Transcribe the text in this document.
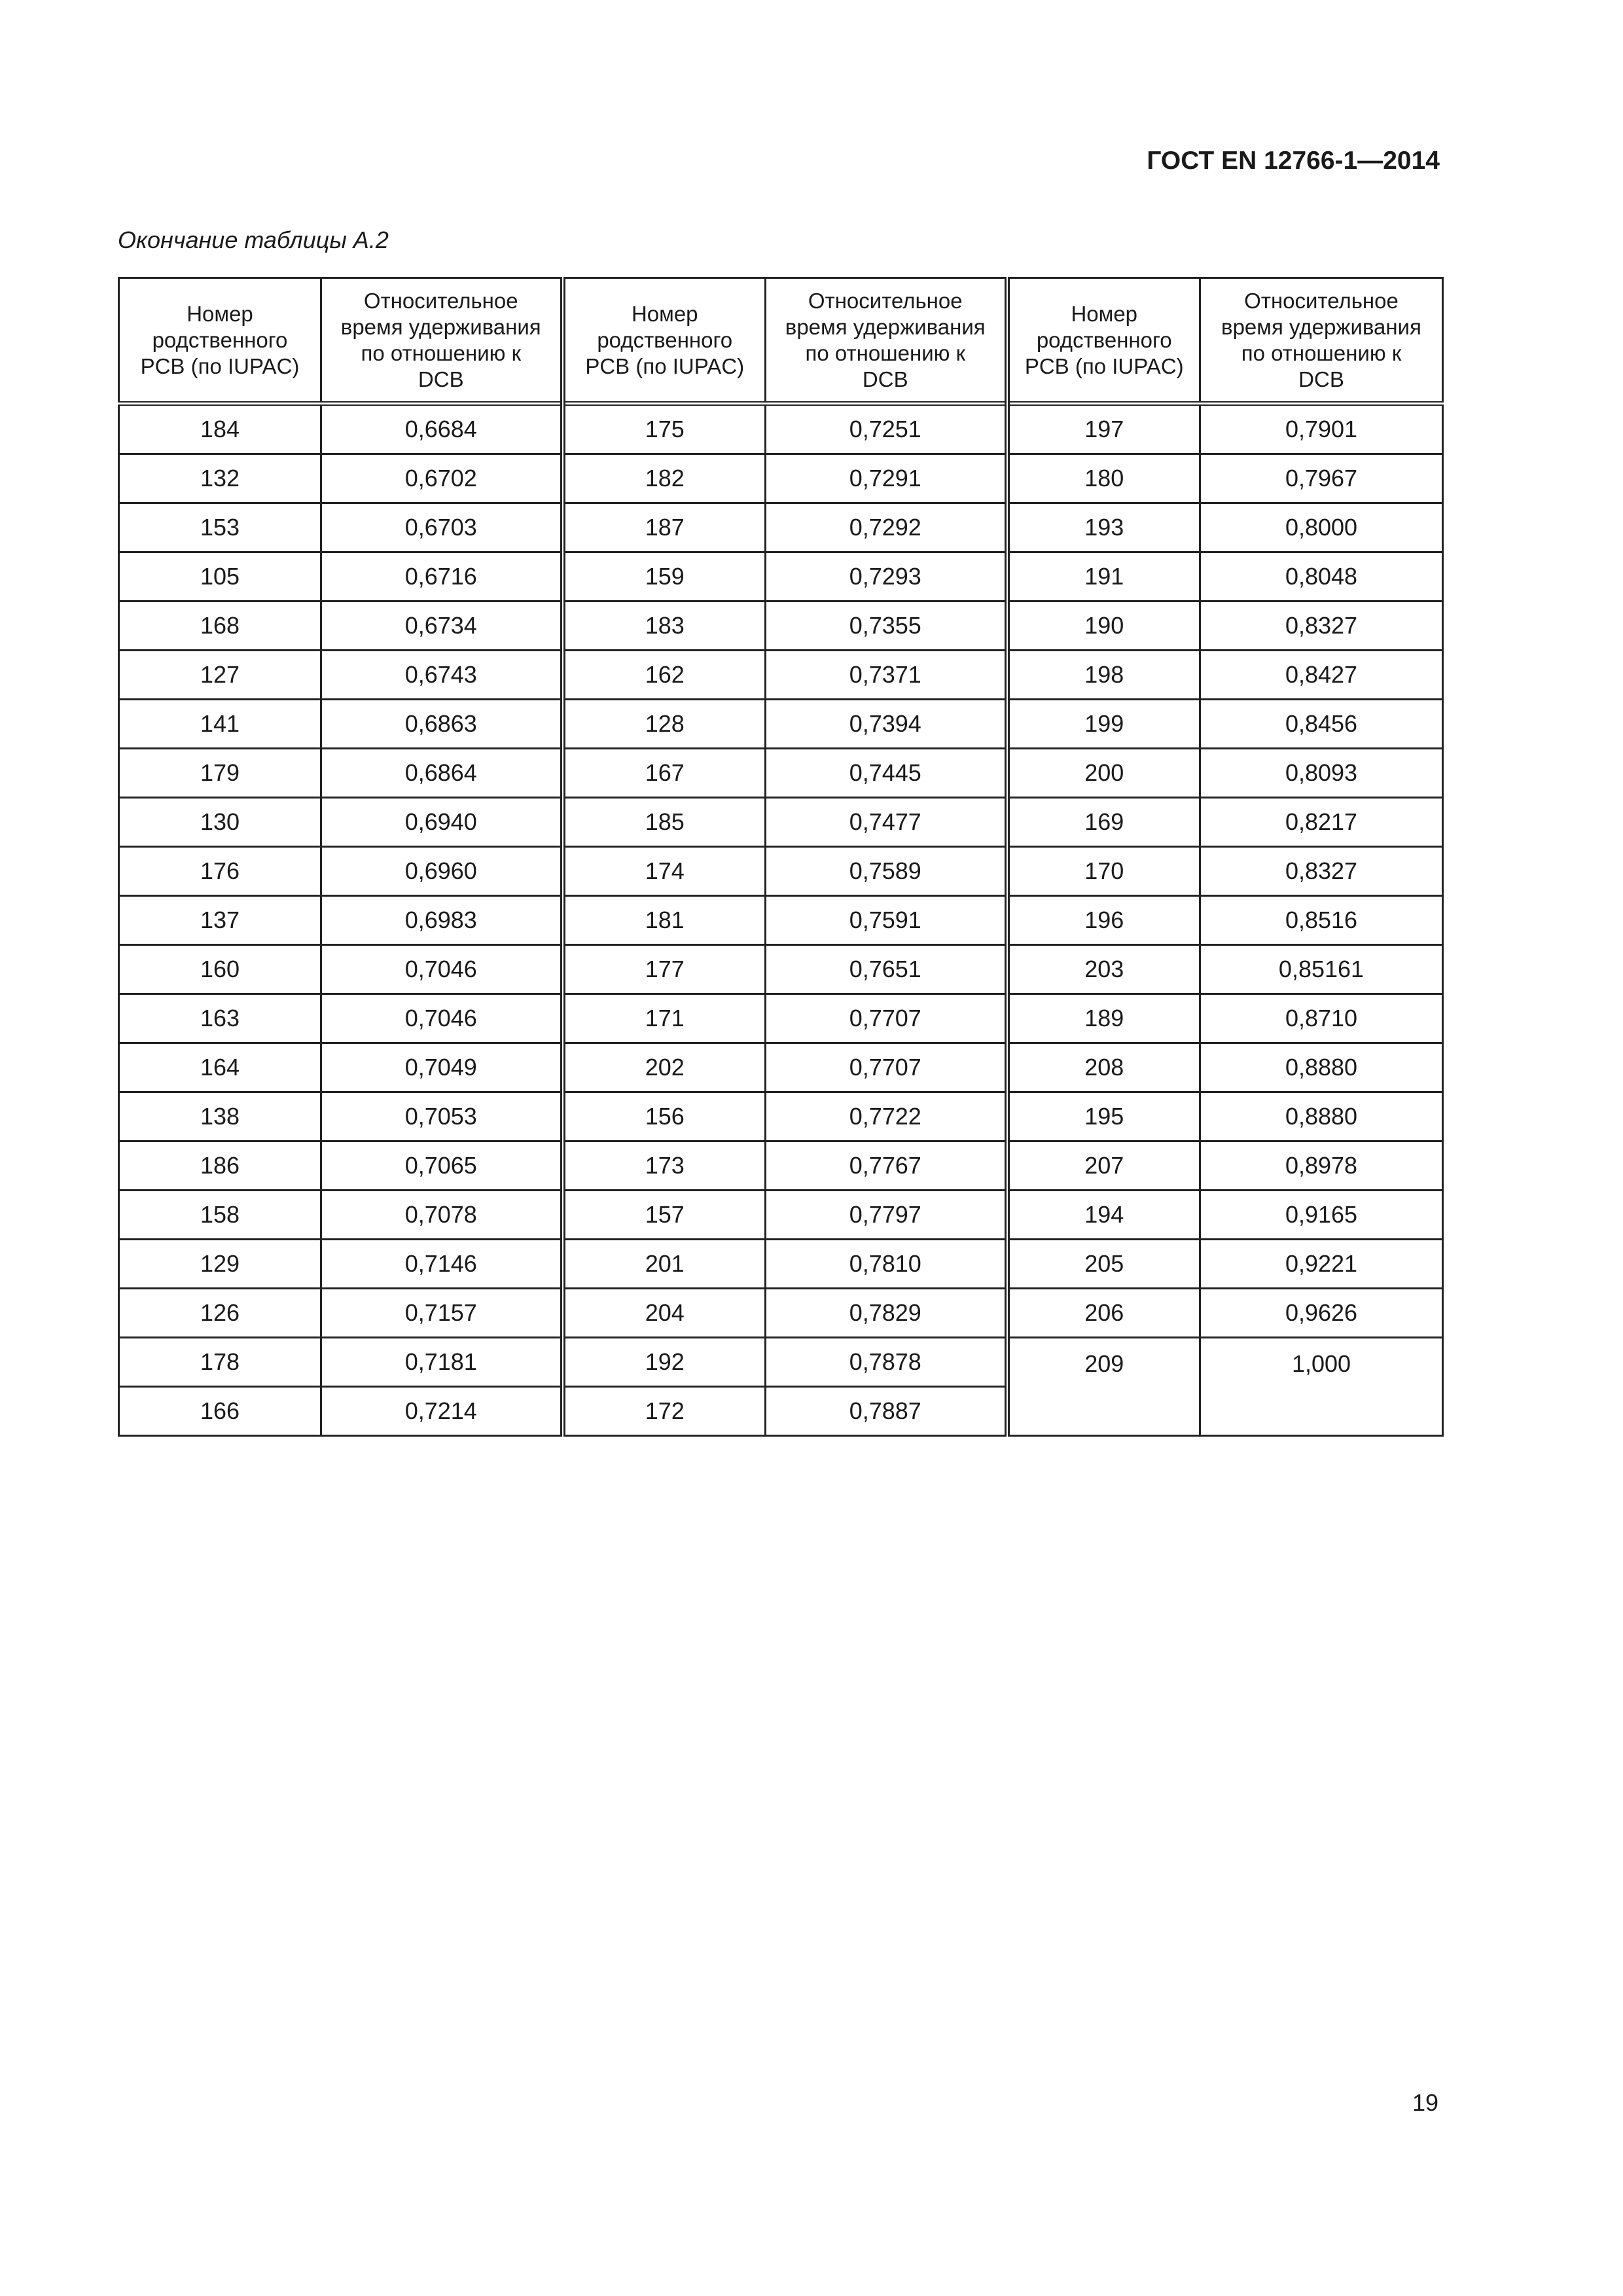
ГОСТ EN 12766-1—2014
Окончание таблицы А.2
Номер
родственного
PCB (по IUPAC)	Относительное
время удерживания
по отношению к
DCB	Номер
родственного
PCB (по IUPAC)	Относительное
время удерживания
по отношению к
DCB	Номер
родственного
PCB (по IUPAC)	Относительное
время удерживания
по отношению к
DCB
184	0,6684	175	0,7251	197	0,7901
132	0,6702	182	0,7291	180	0,7967
153	0,6703	187	0,7292	193	0,8000
105	0,6716	159	0,7293	191	0,8048
168	0,6734	183	0,7355	190	0,8327
127	0,6743	162	0,7371	198	0,8427
141	0,6863	128	0,7394	199	0,8456
179	0,6864	167	0,7445	200	0,8093
130	0,6940	185	0,7477	169	0,8217
176	0,6960	174	0,7589	170	0,8327
137	0,6983	181	0,7591	196	0,8516
160	0,7046	177	0,7651	203	0,85161
163	0,7046	171	0,7707	189	0,8710
164	0,7049	202	0,7707	208	0,8880
138	0,7053	156	0,7722	195	0,8880
186	0,7065	173	0,7767	207	0,8978
158	0,7078	157	0,7797	194	0,9165
129	0,7146	201	0,7810	205	0,9221
126	0,7157	204	0,7829	206	0,9626
178	0,7181	192	0,7878	209	1,000
166	0,7214	172	0,7887		
19
